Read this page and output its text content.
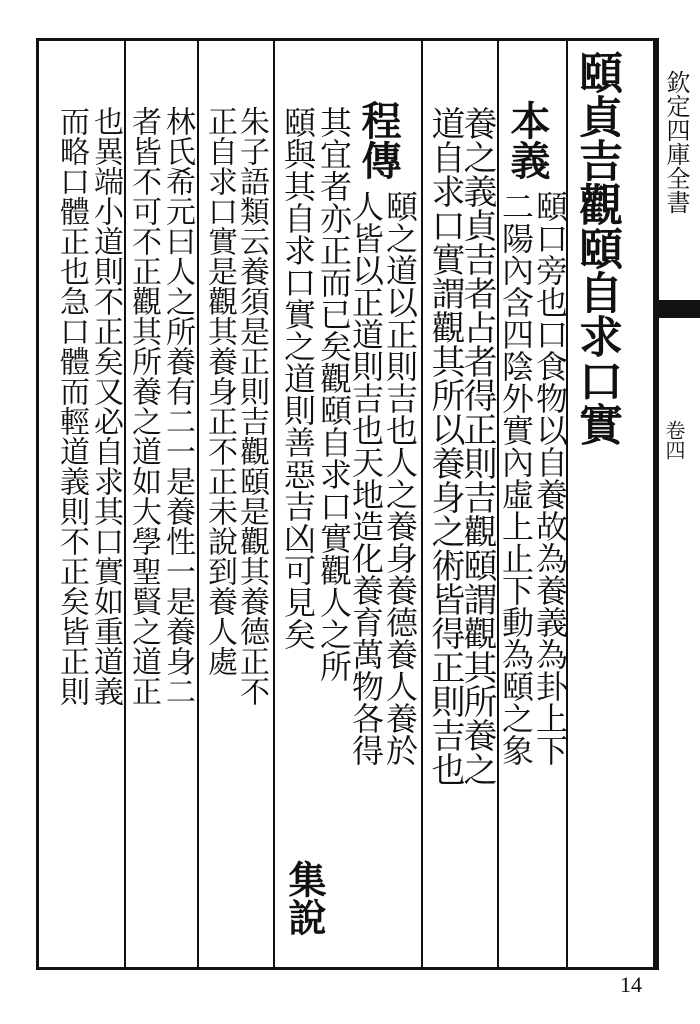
頤貞吉觀頤自求口實
本義
程傳
集說
道自求口實謂觀其所以養身之術皆得正則吉也
養之義貞吉者占者得正則吉觀頤謂觀其所養之 二陽內含四陰外實內虛上止下動為頤之象
頤口旁也口食物以自養故為養義為卦上下
人皆以正道則吉也天地造化養育萬物各得
頤之道以正則吉也人之養身養德養人養於
其宜者亦正而已矣觀頤自求口實觀人之所
頤與其自求口實之道則善惡吉凶可見矣
朱子語類云養須是正則吉觀頤是觀其養德正不
正自求口實是觀其養身正不正未說到養人處
林氏希元曰人之所養有二一是養性一是養身二
者皆不可不正觀其所養之道如大學聖賢之道正
也異端小道則不正矣又必自求其口實如重道義
而略口體正也急口體而輕道義則不正矣皆正則	欽定四庫全書
卷四
14
